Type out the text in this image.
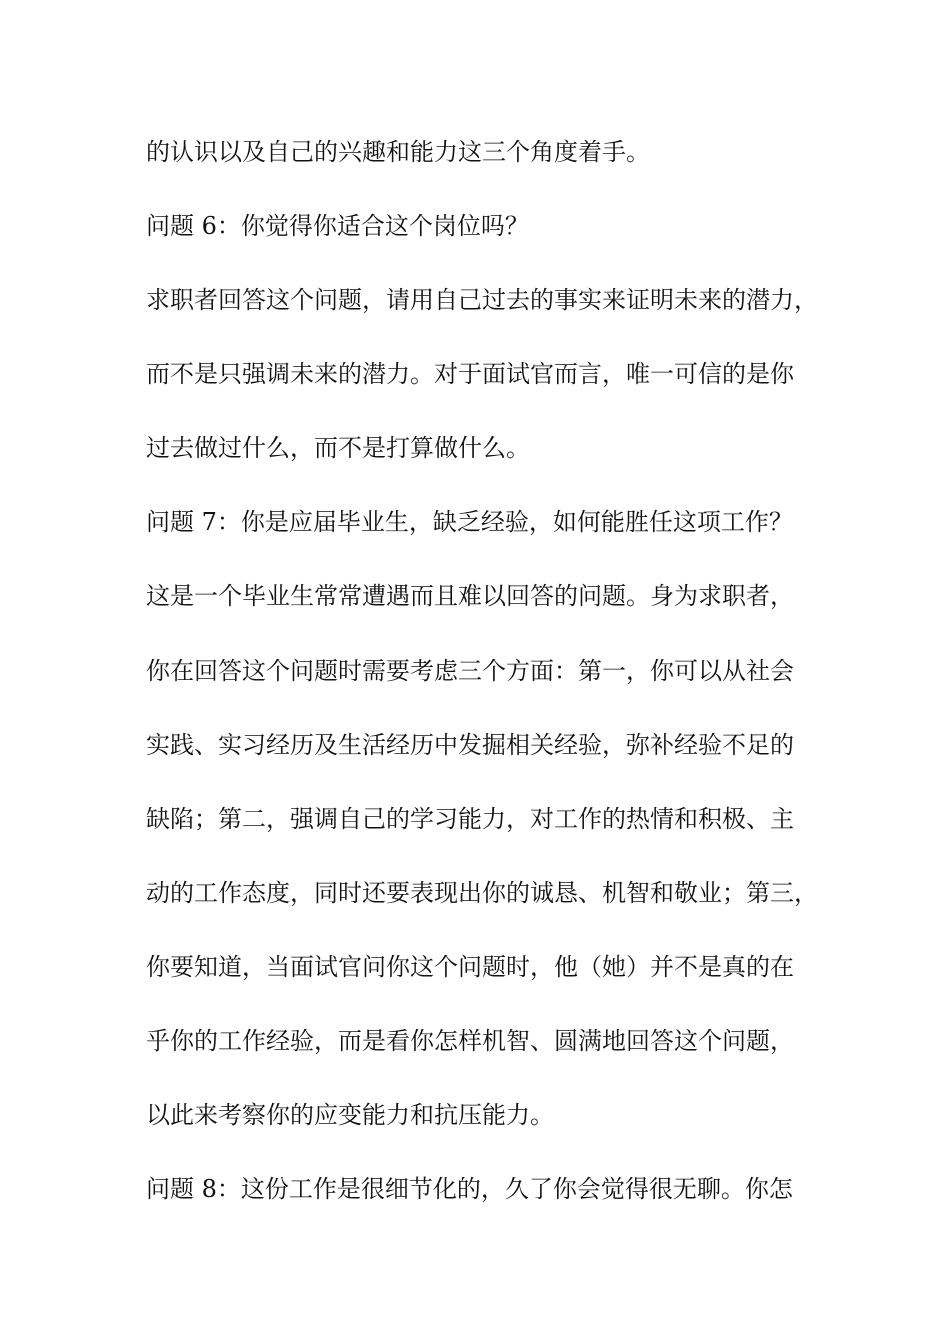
的认识以及自己的兴趣和能力这三个角度着手。
问题 6：你觉得你适合这个岗位吗？
求职者回答这个问题，请用自己过去的事实来证明未来的潜力，
而不是只强调未来的潜力。对于面试官而言，唯一可信的是你
过去做过什么，而不是打算做什么。
问题 7：你是应届毕业生，缺乏经验，如何能胜任这项工作？
这是一个毕业生常常遭遇而且难以回答的问题。身为求职者，
你在回答这个问题时需要考虑三个方面：第一，你可以从社会
实践、实习经历及生活经历中发掘相关经验，弥补经验不足的
缺陷；第二，强调自己的学习能力，对工作的热情和积极、主
动的工作态度，同时还要表现出你的诚恳、机智和敬业；第三，
你要知道，当面试官问你这个问题时，他（她）并不是真的在
乎你的工作经验，而是看你怎样机智、圆满地回答这个问题，
以此来考察你的应变能力和抗压能力。
问题 8：这份工作是很细节化的，久了你会觉得很无聊。你怎
